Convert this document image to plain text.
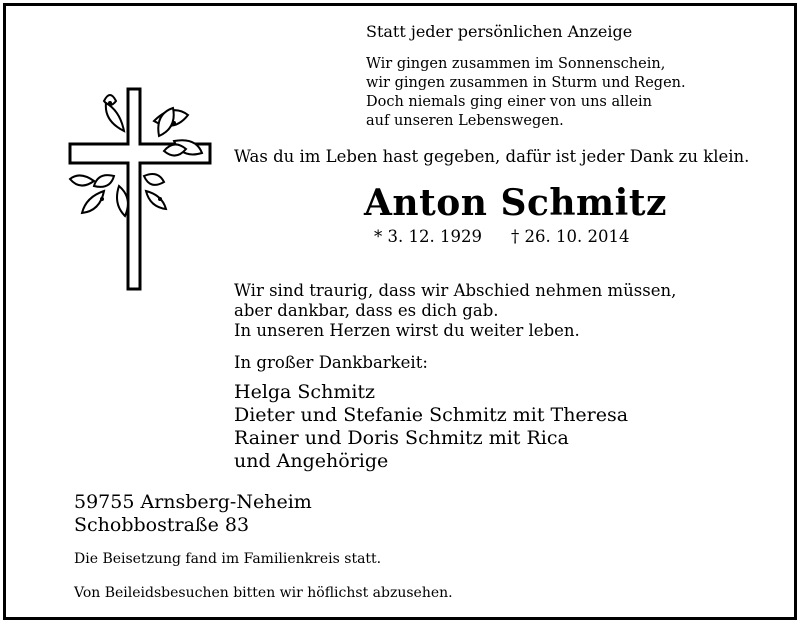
Statt jeder persönlichen Anzeige
Wir gingen zusammen im Sonnenschein,
wir gingen zusammen in Sturm und Regen.
Doch niemals ging einer von uns allein
auf unseren Lebenswegen.
Was du im Leben hast gegeben, dafür ist jeder Dank zu klein.
Anton Schmitz
* 3. 12. 1929 † 26. 10. 2014
Wir sind traurig, dass wir Abschied nehmen müssen,
aber dankbar, dass es dich gab.
In unseren Herzen wirst du weiter leben.
In großer Dankbarkeit:
Helga Schmitz
Dieter und Stefanie Schmitz mit Theresa
Rainer und Doris Schmitz mit Rica
und Angehörige
59755 Arnsberg-Neheim
Schobbostraße 83
Die Beisetzung fand im Familienkreis statt.
Von Beileidsbesuchen bitten wir höflichst abzusehen.
